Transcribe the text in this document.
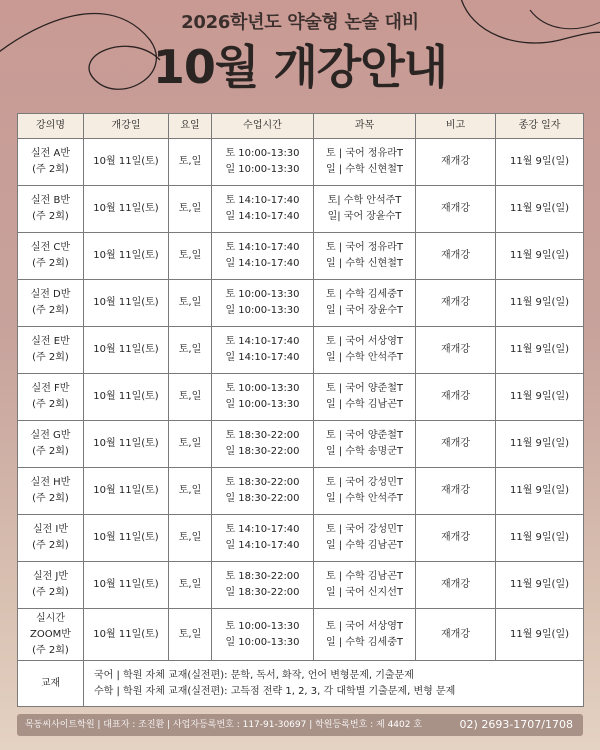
2026학년도 약술형 논술 대비
10월 개강안내
강의명	개강일	요일	수업시간	과목	비고	종강 일자

실전 A반
(주 2회)	10월 11일(토)	토,일	토 10:00-13:30
일 10:00-13:30	토 | 국어 정유라T
일 | 수학 신현철T	재개강	11월 9일(일)

실전 B반
(주 2회)	10월 11일(토)	토,일	토 14:10-17:40
일 14:10-17:40	토| 수학 안석주T
일| 국어 장윤수T	재개강	11월 9일(일)

실전 C반
(주 2회)	10월 11일(토)	토,일	토 14:10-17:40
일 14:10-17:40	토 | 국어 정유라T
일 | 수학 신현철T	재개강	11월 9일(일)

실전 D반
(주 2회)	10월 11일(토)	토,일	토 10:00-13:30
일 10:00-13:30	토 | 수학 김세중T
일 | 국어 장윤수T	재개강	11월 9일(일)

실전 E반
(주 2회)	10월 11일(토)	토,일	토 14:10-17:40
일 14:10-17:40	토 | 국어 서상영T
일 | 수학 안석주T	재개강	11월 9일(일)

실전 F반
(주 2회)	10월 11일(토)	토,일	토 10:00-13:30
일 10:00-13:30	토 | 국어 양준철T
일 | 수학 김남곤T	재개강	11월 9일(일)

실전 G반
(주 2회)	10월 11일(토)	토,일	토 18:30-22:00
일 18:30-22:00	토 | 국어 양준철T
일 | 수학 송명군T	재개강	11월 9일(일)

실전 H반
(주 2회)	10월 11일(토)	토,일	토 18:30-22:00
일 18:30-22:00	토 | 국어 강성민T
일 | 수학 안석주T	재개강	11월 9일(일)

실전 I반
(주 2회)	10월 11일(토)	토,일	토 14:10-17:40
일 14:10-17:40	토 | 국어 강성민T
일 | 수학 김남곤T	재개강	11월 9일(일)

실전 J반
(주 2회)	10월 11일(토)	토,일	토 18:30-22:00
일 18:30-22:00	토 | 수학 김남곤T
일 | 국어 신지선T	재개강	11월 9일(일)

실시간
ZOOM반
(주 2회)	10월 11일(토)	토,일	토 10:00-13:30
일 10:00-13:30	토 | 국어 서상영T
일 | 수학 김세중T	재개강	11월 9일(일)
교재	국어 | 학원 자체 교재(실전편): 문학, 독서, 화작, 언어 변형문제, 기출문제
수학 | 학원 자체 교재(실전편): 고득점 전략 1, 2, 3, 각 대학별 기출문제, 변형 문제					
목동씨사이트학원 | 대표자 : 조진환 | 사업자등록번호 : 117-91-30697 | 학원등록번호 : 제 4402 호	02) 2693-1707/1708
